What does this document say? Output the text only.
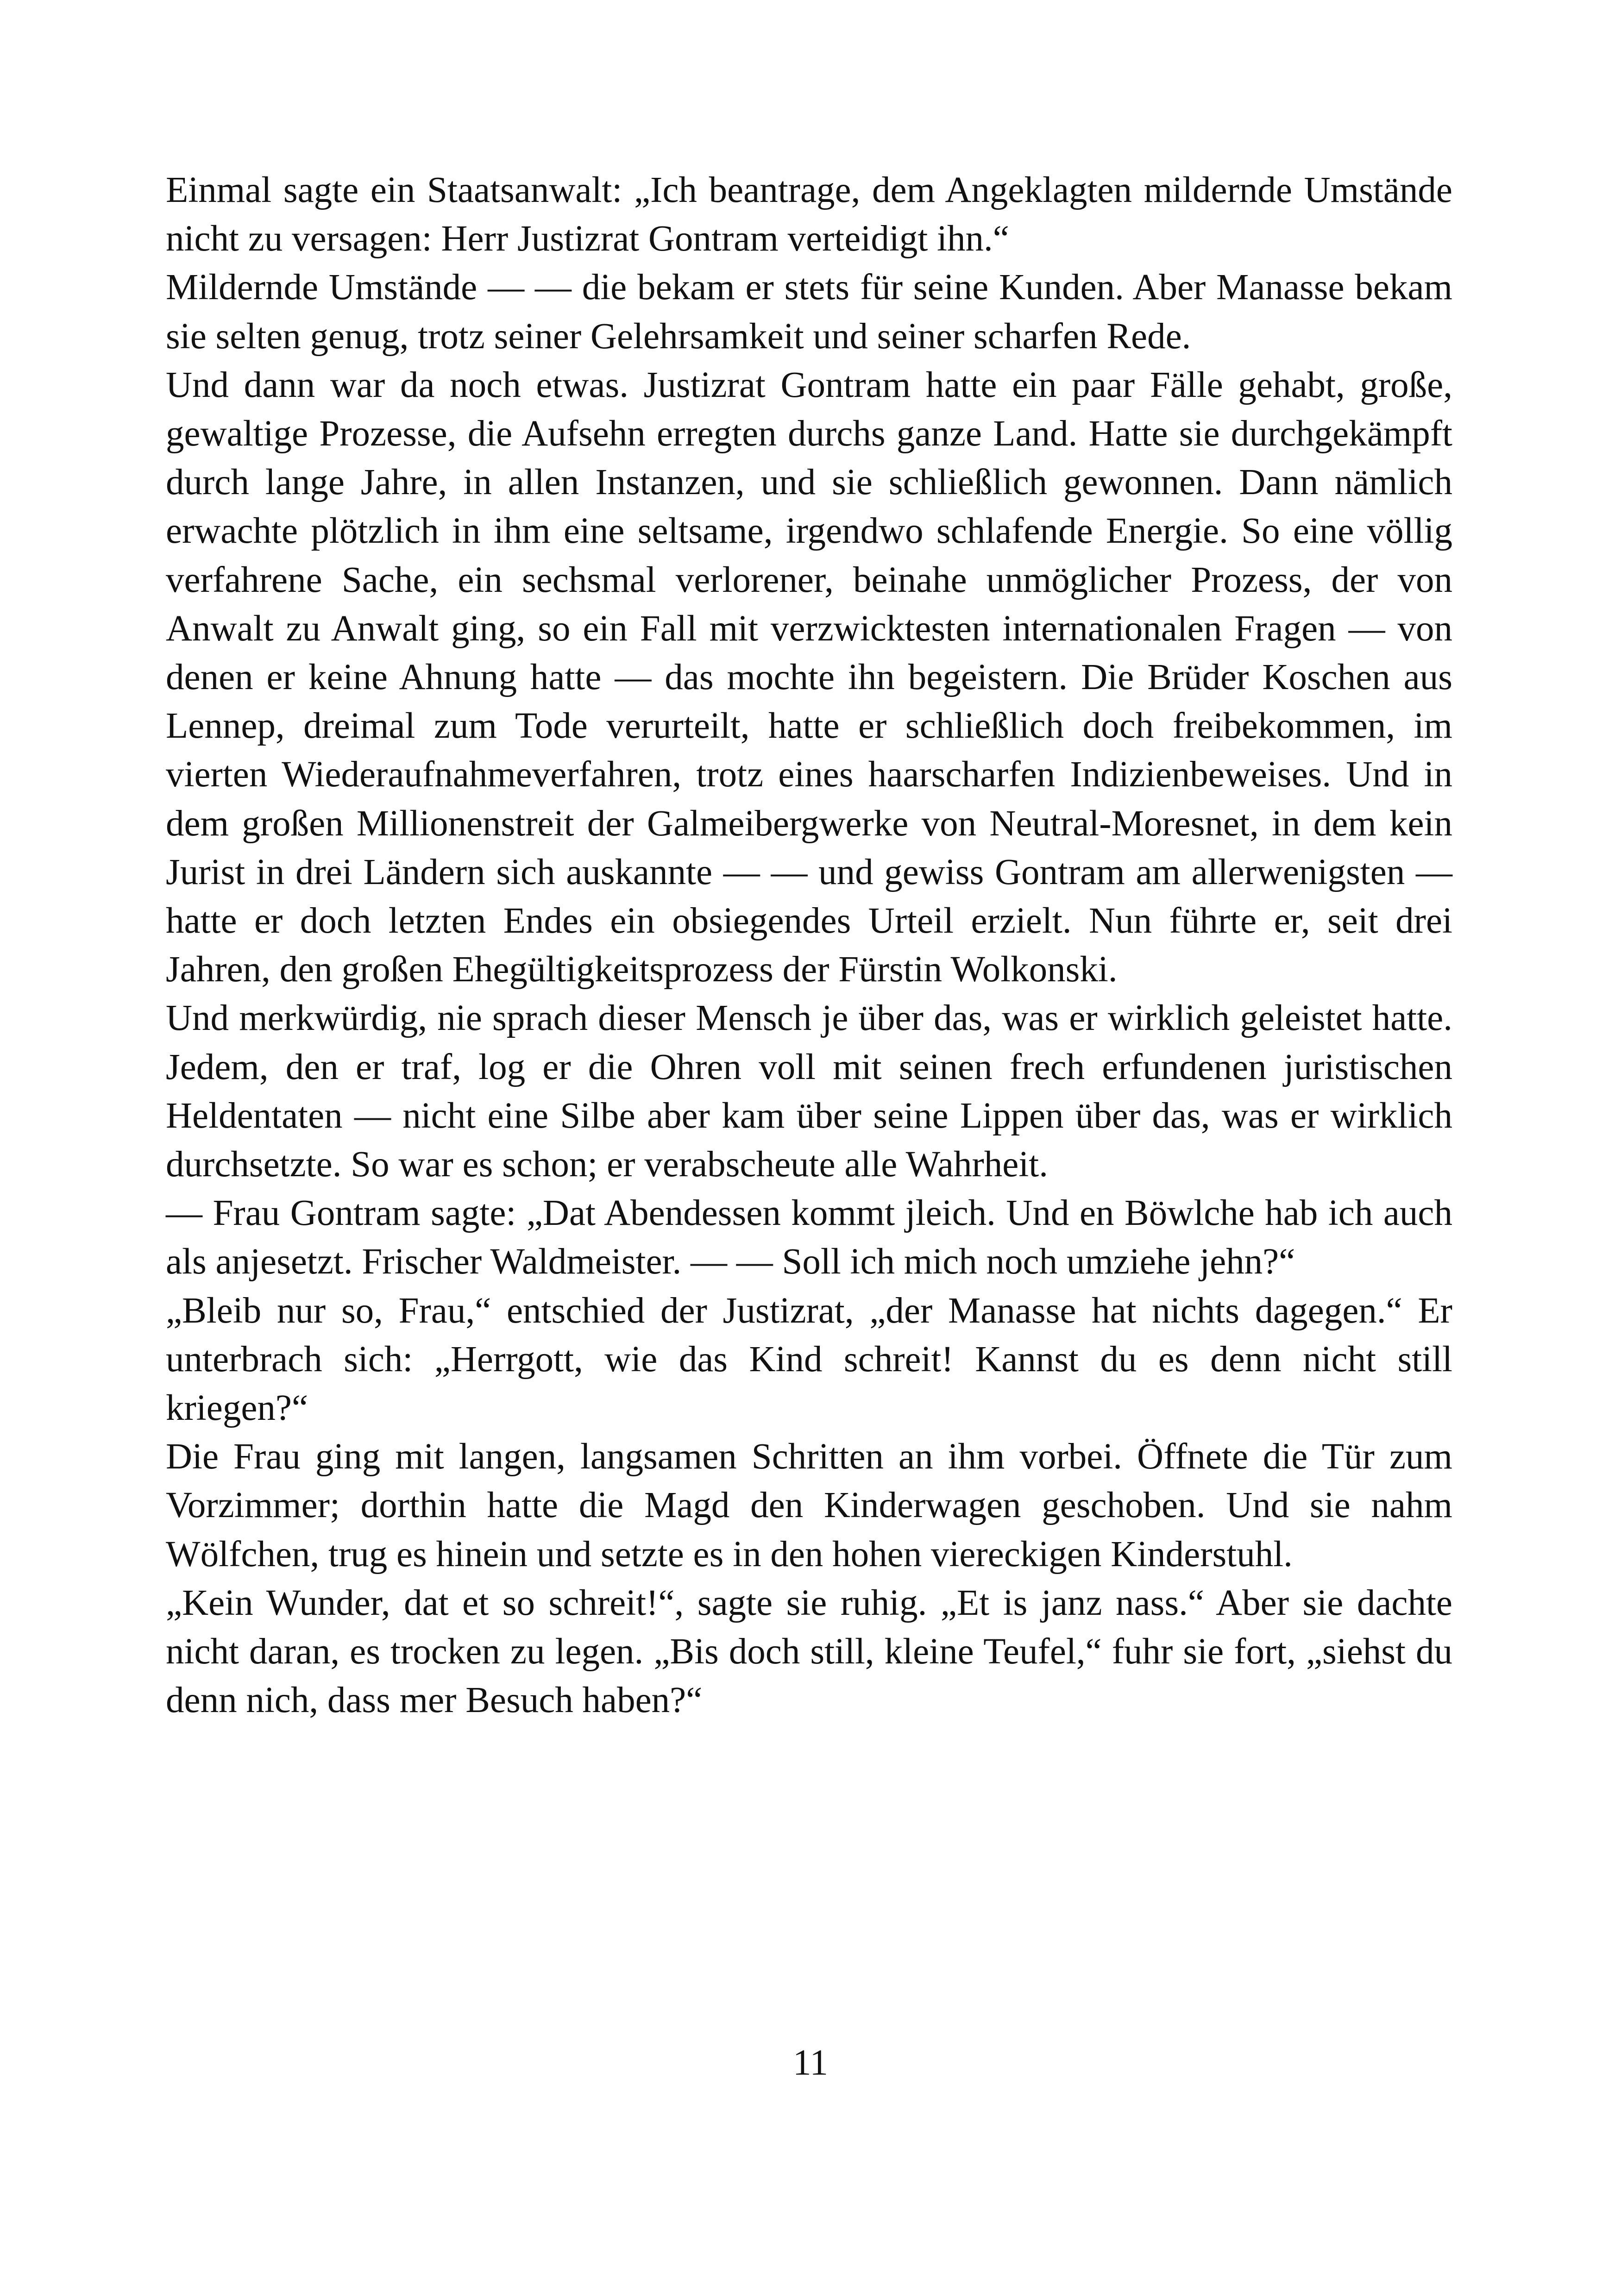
Einmal sagte ein Staatsanwalt: „Ich beantrage, dem Angeklagten mildernde Umstände nicht zu versagen: Herr Justizrat Gontram verteidigt ihn.“

Mildernde Umstände — — die bekam er stets für seine Kunden. Aber Manasse bekam sie selten genug, trotz seiner Gelehrsamkeit und seiner scharfen Rede.

Und dann war da noch etwas. Justizrat Gontram hatte ein paar Fälle gehabt, große, gewaltige Prozesse, die Aufsehn erregten durchs ganze Land. Hatte sie durchgekämpft durch lange Jahre, in allen Instanzen, und sie schließlich gewonnen. Dann nämlich erwachte plötzlich in ihm eine seltsame, irgendwo schlafende Energie. So eine völlig verfahrene Sache, ein sechsmal verlorener, beinahe unmöglicher Prozess, der von Anwalt zu Anwalt ging, so ein Fall mit verzwicktesten internationalen Fragen — von denen er keine Ahnung hatte — das mochte ihn begeistern. Die Brüder Koschen aus Lennep, dreimal zum Tode verurteilt, hatte er schließlich doch freibekommen, im vierten Wiederaufnahmeverfahren, trotz eines haarscharfen Indizienbeweises. Und in dem großen Millionenstreit der Galmeibergwerke von Neutral-Moresnet, in dem kein Jurist in drei Ländern sich auskannte — — und gewiss Gontram am allerwenigsten — hatte er doch letzten Endes ein obsiegendes Urteil erzielt. Nun führte er, seit drei Jahren, den großen Ehegültigkeitsprozess der Fürstin Wolkonski.

Und merkwürdig, nie sprach dieser Mensch je über das, was er wirklich geleistet hatte. Jedem, den er traf, log er die Ohren voll mit seinen frech erfundenen juristischen Heldentaten — nicht eine Silbe aber kam über seine Lippen über das, was er wirklich durchsetzte. So war es schon; er verabscheute alle Wahrheit.

— Frau Gontram sagte: „Dat Abendessen kommt jleich. Und en Böwlche hab ich auch als anjesetzt. Frischer Waldmeister. — — Soll ich mich noch umziehe jehn?“

„Bleib nur so, Frau,“ entschied der Justizrat, „der Manasse hat nichts dagegen.“ Er unterbrach sich: „Herrgott, wie das Kind schreit! Kannst du es denn nicht still kriegen?“

Die Frau ging mit langen, langsamen Schritten an ihm vorbei. Öffnete die Tür zum Vorzimmer; dorthin hatte die Magd den Kinderwagen geschoben. Und sie nahm Wölfchen, trug es hinein und setzte es in den hohen viereckigen Kinderstuhl.

„Kein Wunder, dat et so schreit!“, sagte sie ruhig. „Et is janz nass.“ Aber sie dachte nicht daran, es trocken zu legen. „Bis doch still, kleine Teufel,“ fuhr sie fort, „siehst du denn nich, dass mer Besuch haben?“

11
